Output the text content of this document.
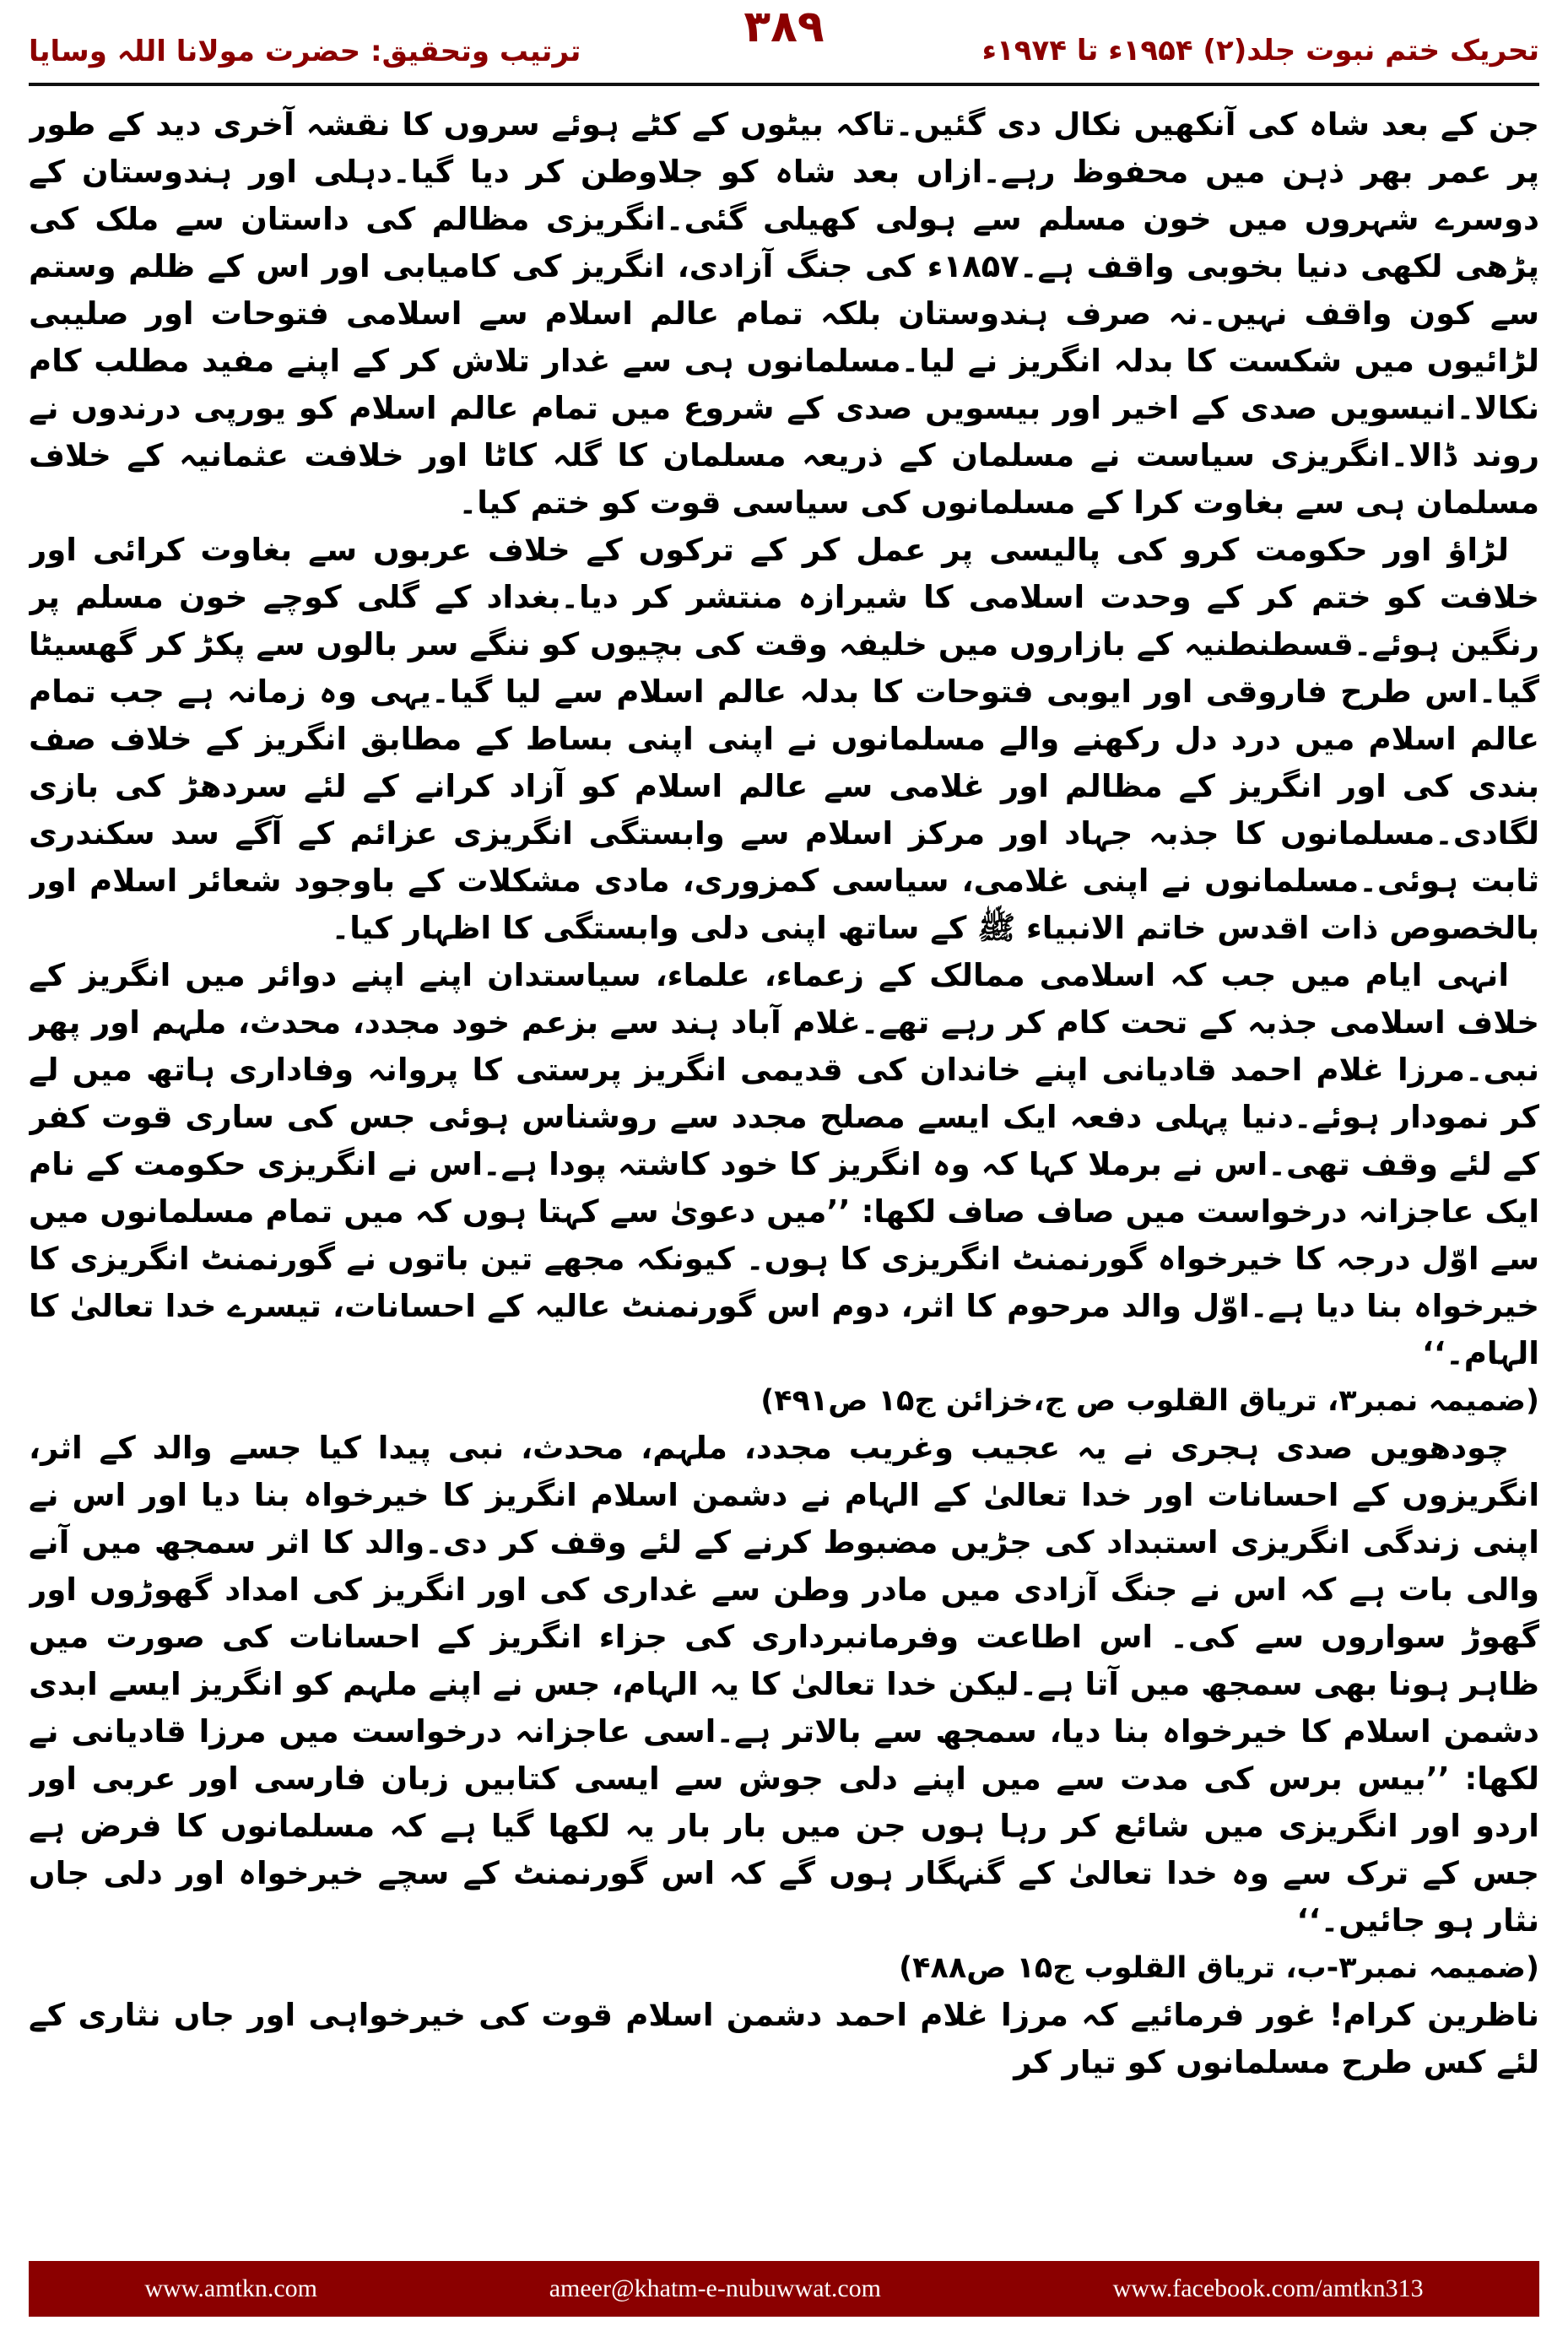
ترتیب وتحقیق: حضرت مولانا اللہ وسایا	تحریک ختم نبوت جلد(۲) ۱۹۵۴ء تا ۱۹۷۴ء
۳۸۹

جن کے بعد شاہ کی آنکھیں نکال دی گئیں۔تاکہ بیٹوں کے کٹے ہوئے سروں کا نقشہ آخری دید کے طور پر عمر بھر ذہن میں محفوظ رہے۔ازاں بعد شاہ کو جلاوطن کر دیا گیا۔دہلی اور ہندوستان کے دوسرے شہروں میں خون مسلم سے ہولی کھیلی گئی۔انگریزی مظالم کی داستان سے ملک کی پڑھی لکھی دنیا بخوبی واقف ہے۔۱۸۵۷ء کی جنگ آزادی، انگریز کی کامیابی اور اس کے ظلم وستم سے کون واقف نہیں۔نہ صرف ہندوستان بلکہ تمام عالم اسلام سے اسلامی فتوحات اور صلیبی لڑائیوں میں شکست کا بدلہ انگریز نے لیا۔مسلمانوں ہی سے غدار تلاش کر کے اپنے مفید مطلب کام نکالا۔انیسویں صدی کے اخیر اور بیسویں صدی کے شروع میں تمام عالم اسلام کو یورپی درندوں نے روند ڈالا۔انگریزی سیاست نے مسلمان کے ذریعہ مسلمان کا گلہ کاٹا اور خلافت عثمانیہ کے خلاف مسلمان ہی سے بغاوت کرا کے مسلمانوں کی سیاسی قوت کو ختم کیا۔

لڑاؤ اور حکومت کرو کی پالیسی پر عمل کر کے ترکوں کے خلاف عربوں سے بغاوت کرائی اور خلافت کو ختم کر کے وحدت اسلامی کا شیرازہ منتشر کر دیا۔بغداد کے گلی کوچے خون مسلم پر رنگین ہوئے۔قسطنطنیہ کے بازاروں میں خلیفہ وقت کی بچیوں کو ننگے سر بالوں سے پکڑ کر گھسیٹا گیا۔اس طرح فاروقی اور ایوبی فتوحات کا بدلہ عالم اسلام سے لیا گیا۔یہی وہ زمانہ ہے جب تمام عالم اسلام میں درد دل رکھنے والے مسلمانوں نے اپنی اپنی بساط کے مطابق انگریز کے خلاف صف بندی کی اور انگریز کے مظالم اور غلامی سے عالم اسلام کو آزاد کرانے کے لئے سردھڑ کی بازی لگادی۔مسلمانوں کا جذبہ جہاد اور مرکز اسلام سے وابستگی انگریزی عزائم کے آگے سد سکندری ثابت ہوئی۔مسلمانوں نے اپنی غلامی، سیاسی کمزوری، مادی مشکلات کے باوجود شعائر اسلام اور بالخصوص ذات اقدس خاتم الانبیاء ﷺ کے ساتھ اپنی دلی وابستگی کا اظہار کیا۔

انہی ایام میں جب کہ اسلامی ممالک کے زعماء، علماء، سیاستدان اپنے اپنے دوائر میں انگریز کے خلاف اسلامی جذبہ کے تحت کام کر رہے تھے۔غلام آباد ہند سے بزعم خود مجدد، محدث، ملہم اور پھر نبی۔مرزا غلام احمد قادیانی اپنے خاندان کی قدیمی انگریز پرستی کا پروانہ وفاداری ہاتھ میں لے کر نمودار ہوئے۔دنیا پہلی دفعہ ایک ایسے مصلح مجدد سے روشناس ہوئی جس کی ساری قوت کفر کے لئے وقف تھی۔اس نے برملا کہا کہ وہ انگریز کا خود کاشتہ پودا ہے۔اس نے انگریزی حکومت کے نام ایک عاجزانہ درخواست میں صاف صاف لکھا: ’’میں دعویٰ سے کہتا ہوں کہ میں تمام مسلمانوں میں سے اوّل درجہ کا خیرخواہ گورنمنٹ انگریزی کا ہوں۔ کیونکہ مجھے تین باتوں نے گورنمنٹ انگریزی کا خیرخواہ بنا دیا ہے۔اوّل والد مرحوم کا اثر، دوم اس گورنمنٹ عالیہ کے احسانات، تیسرے خدا تعالیٰ کا الہام۔‘‘

(ضمیمہ نمبر۳، تریاق القلوب ص ج،خزائن ج۱۵ ص۴۹۱)

چودھویں صدی ہجری نے یہ عجیب وغریب مجدد، ملہم، محدث، نبی پیدا کیا جسے والد کے اثر، انگریزوں کے احسانات اور خدا تعالیٰ کے الہام نے دشمن اسلام انگریز کا خیرخواہ بنا دیا اور اس نے اپنی زندگی انگریزی استبداد کی جڑیں مضبوط کرنے کے لئے وقف کر دی۔والد کا اثر سمجھ میں آنے والی بات ہے کہ اس نے جنگ آزادی میں مادر وطن سے غداری کی اور انگریز کی امداد گھوڑوں اور گھوڑ سواروں سے کی۔ اس اطاعت وفرمانبرداری کی جزاء انگریز کے احسانات کی صورت میں ظاہر ہونا بھی سمجھ میں آتا ہے۔لیکن خدا تعالیٰ کا یہ الہام، جس نے اپنے ملہم کو انگریز ایسے ابدی دشمن اسلام کا خیرخواہ بنا دیا، سمجھ سے بالاتر ہے۔اسی عاجزانہ درخواست میں مرزا قادیانی نے لکھا: ’’بیس برس کی مدت سے میں اپنے دلی جوش سے ایسی کتابیں زبان فارسی اور عربی اور اردو اور انگریزی میں شائع کر رہا ہوں جن میں بار بار یہ لکھا گیا ہے کہ مسلمانوں کا فرض ہے جس کے ترک سے وہ خدا تعالیٰ کے گنہگار ہوں گے کہ اس گورنمنٹ کے سچے خیرخواہ اور دلی جاں نثار ہو جائیں۔‘‘

(ضمیمہ نمبر۳-ب، تریاق القلوب ج۱۵ ص۴۸۸)

ناظرین کرام! غور فرمائیے کہ مرزا غلام احمد دشمن اسلام قوت کی خیرخواہی اور جاں نثاری کے لئے کس طرح مسلمانوں کو تیار کر

www.amtkn.com	ameer@khatm-e-nubuwwat.com	www.facebook.com/amtkn313
